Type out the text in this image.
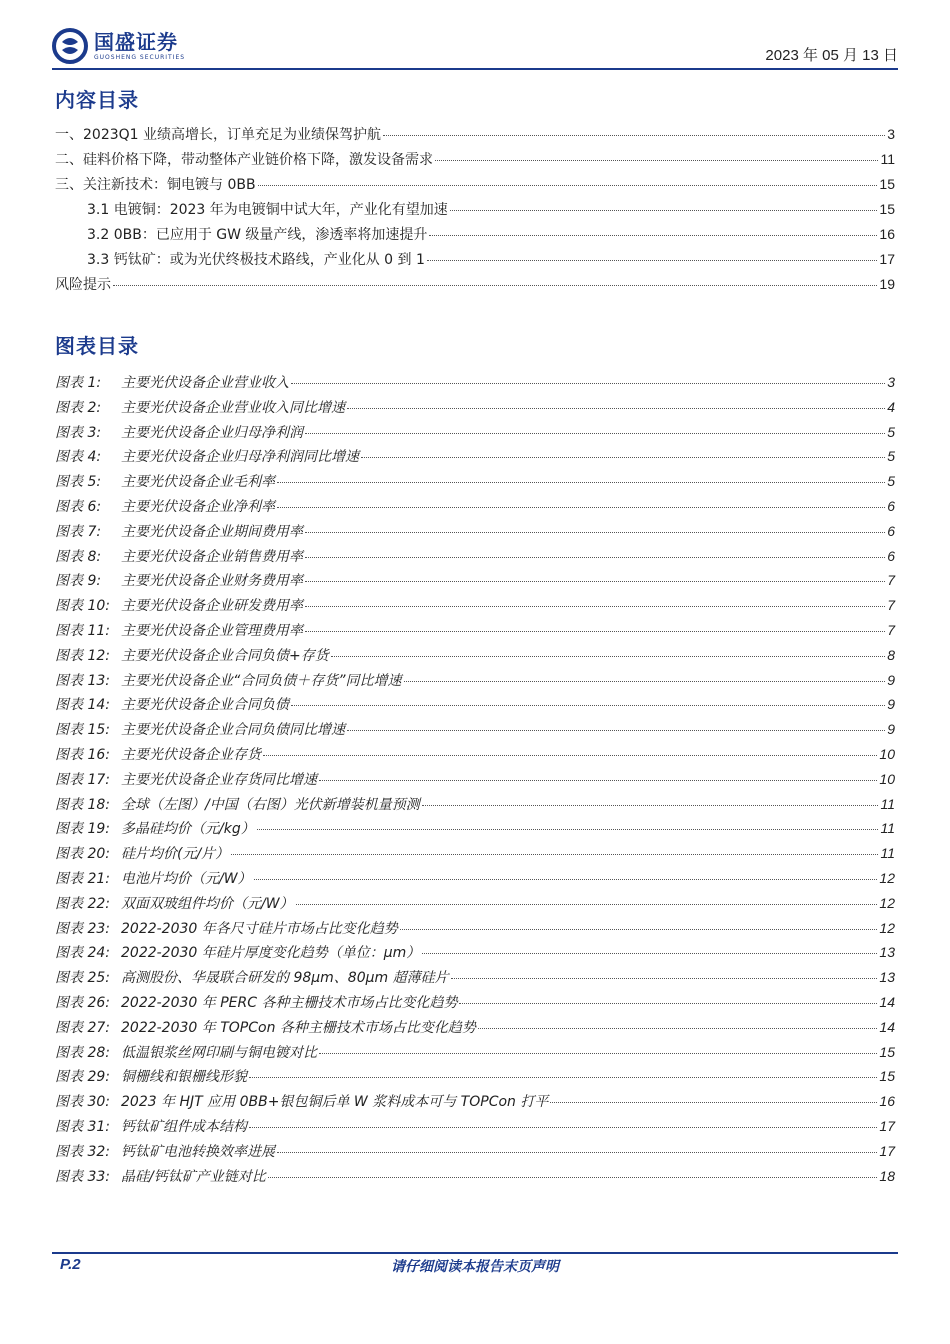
国盛证券
GUOSHENG SECURITIES	2023 年 05 月 13 日
内容目录
一、2023Q1 业绩高增长，订单充足为业绩保驾护航	3
二、硅料价格下降，带动整体产业链价格下降，激发设备需求	11
三、关注新技术：铜电镀与 0BB	15
3.1 电镀铜：2023 年为电镀铜中试大年，产业化有望加速	15
3.2 0BB：已应用于 GW 级量产线，渗透率将加速提升	16
3.3 钙钛矿：或为光伏终极技术路线，产业化从 0 到 1	17
风险提示	19
图表目录
图表 1:	主要光伏设备企业营业收入	3
图表 2:	主要光伏设备企业营业收入同比增速	4
图表 3:	主要光伏设备企业归母净利润	5
图表 4:	主要光伏设备企业归母净利润同比增速	5
图表 5:	主要光伏设备企业毛利率	5
图表 6:	主要光伏设备企业净利率	6
图表 7:	主要光伏设备企业期间费用率	6
图表 8:	主要光伏设备企业销售费用率	6
图表 9:	主要光伏设备企业财务费用率	7
图表 10: 主要光伏设备企业研发费用率	7
图表 11: 主要光伏设备企业管理费用率	7
图表 12: 主要光伏设备企业合同负债+存货	8
图表 13: 主要光伏设备企业“合同负债＋存货”同比增速	9
图表 14: 主要光伏设备企业合同负债	9
图表 15: 主要光伏设备企业合同负债同比增速	9
图表 16: 主要光伏设备企业存货	10
图表 17: 主要光伏设备企业存货同比增速	10
图表 18: 全球（左图）/中国（右图）光伏新增装机量预测	11
图表 19: 多晶硅均价（元/kg）	11
图表 20: 硅片均价(元/片）	11
图表 21: 电池片均价（元/W）	12
图表 22: 双面双玻组件均价（元/W）	12
图表 23: 2022-2030 年各尺寸硅片市场占比变化趋势	12
图表 24: 2022-2030 年硅片厚度变化趋势（单位：μm）	13
图表 25: 高测股份、华晟联合研发的 98μm、80μm 超薄硅片	13
图表 26: 2022-2030 年 PERC 各种主栅技术市场占比变化趋势	14
图表 27: 2022-2030 年 TOPCon 各种主栅技术市场占比变化趋势	14
图表 28: 低温银浆丝网印刷与铜电镀对比	15
图表 29: 铜栅线和银栅线形貌	15
图表 30: 2023 年 HJT 应用 0BB+银包铜后单 W 浆料成本可与 TOPCon 打平	16
图表 31: 钙钛矿组件成本结构	17
图表 32: 钙钛矿电池转换效率进展	17
图表 33: 晶硅/钙钛矿产业链对比	18
P.2	请仔细阅读本报告末页声明
